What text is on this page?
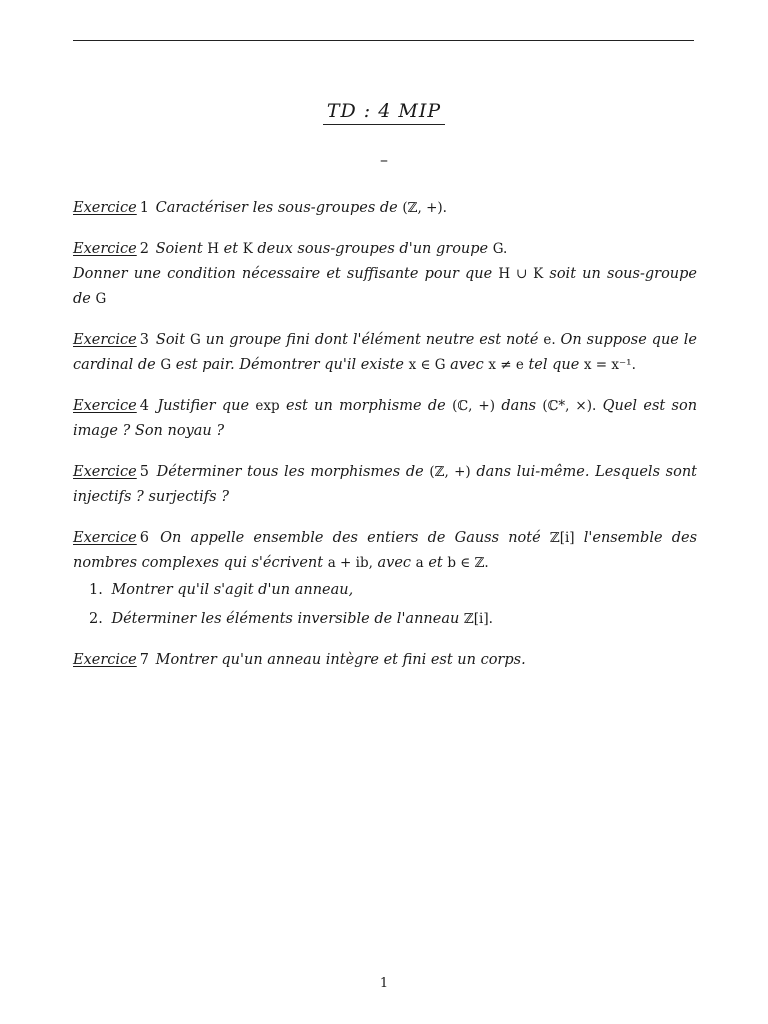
TD : 4 MIP
–
Exercice 1 Caractériser les sous-groupes de (ℤ, +).
Exercice 2 Soient H et K deux sous-groupes d'un groupe G.
Donner une condition nécessaire et suffisante pour que H ∪ K soit un sous-groupe de G
Exercice 3 Soit G un groupe fini dont l'élément neutre est noté e. On suppose que le cardinal de G est pair. Démontrer qu'il existe x ∈ G avec x ≠ e tel que x = x⁻¹.
Exercice 4 Justifier que exp est un morphisme de (ℂ, +) dans (ℂ*, ×). Quel est son image ? Son noyau ?
Exercice 5 Déterminer tous les morphismes de (ℤ, +) dans lui-même. Lesquels sont injectifs ? surjectifs ?
Exercice 6 On appelle ensemble des entiers de Gauss noté ℤ[i] l'ensemble des nombres complexes qui s'écrivent a + ib, avec a et b ∈ ℤ.
1. Montrer qu'il s'agit d'un anneau,
2. Déterminer les éléments inversible de l'anneau ℤ[i].
Exercice 7 Montrer qu'un anneau intègre et fini est un corps.
1
